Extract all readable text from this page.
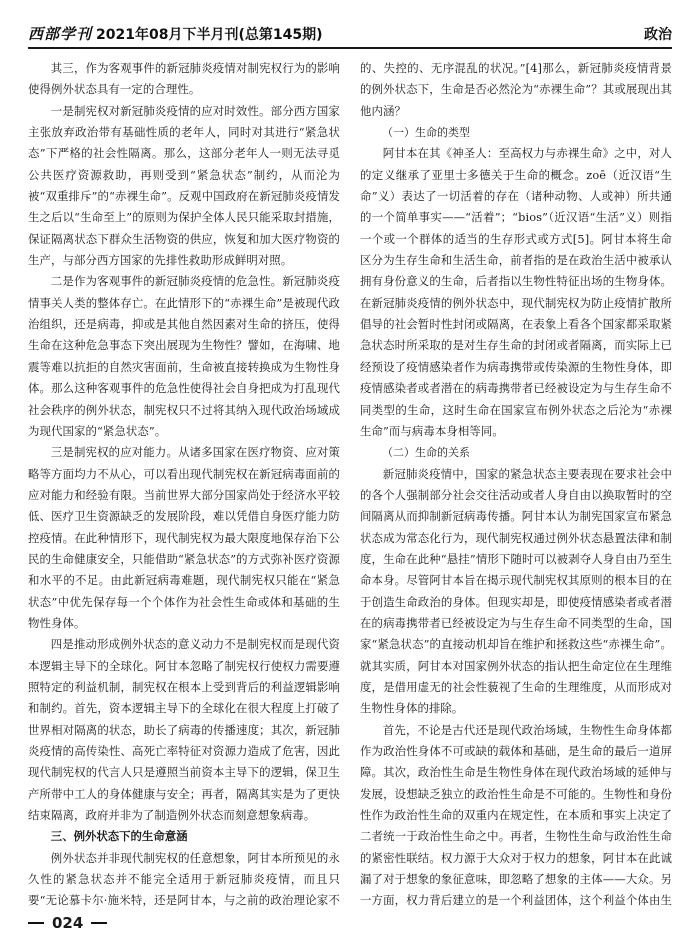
西部学刊 2021年08月下半月刊(总第145期)	政治

其三，作为客观事件的新冠肺炎疫情对制宪权行为的影响使得例外状态具有一定的合理性。

一是制宪权对新冠肺炎疫情的应对时效性。部分西方国家主张放弃政治带有基础性质的老年人，同时对其进行“紧急状态”下严格的社会性隔离。那么，这部分老年人一则无法寻觅公共医疗资源救助，再则受到“紧急状态”制约，从而沦为被“双重排斥”的“赤裸生命”。反观中国政府在新冠肺炎疫情发生之后以“生命至上”的原则为保护全体人民只能采取封措施，保证隔离状态下群众生活物资的供应，恢复和加大医疗物资的生产，与部分西方国家的先排性救助形成鲜明对照。

二是作为客观事件的新冠肺炎疫情的危急性。新冠肺炎疫情事关人类的整体存亡。在此情形下的“赤裸生命”是被现代政治组织，还是病毒，抑或是其他自然因素对生命的挤压，使得生命在这种危急事态下突出展现为生物性？譬如，在海啸、地震等难以抗拒的自然灾害面前，生命被直接转换成为生物性身体。那么这种客观事件的危急性使得社会自身把成为打乱现代社会秩序的例外状态，制宪权只不过将其纳入现代政治场域成为现代国家的“紧急状态”。

三是制宪权的应对能力。从诸多国家在医疗物资、应对策略等方面均力不从心，可以看出现代制宪权在新冠病毒面前的应对能力和经验有限。当前世界大部分国家尚处于经济水平较低、医疗卫生资源缺乏的发展阶段，难以凭借自身医疗能力防控疫情。在此种情形下，现代制宪权为最大限度地保存治下公民的生命健康安全，只能借助“紧急状态”的方式弥补医疗资源和水平的不足。由此新冠病毒难题，现代制宪权只能在“紧急状态”中优先保存每一个个体作为社会性生命或体和基础的生物性身体。

四是推动形成例外状态的意义动力不是制宪权而是现代资本逻辑主导下的全球化。阿甘本忽略了制宪权行使权力需要遵照特定的利益机制，制宪权在根本上受到背后的利益逻辑影响和制约。首先，资本逻辑主导下的全球化在很大程度上打破了世界相对隔离的状态，助长了病毒的传播速度；其次，新冠肺炎疫情的高传染性、高死亡率特征对资源力造成了危害，因此现代制宪权的代言人只是遵照当前资本主导下的逻辑，保卫生产所带中工人的身体健康与安全；再者，隔离其实是为了更快结束隔离，政府并非为了制造例外状态而刻意想象病毒。

三、例外状态下的生命意涵

例外状态并非现代制宪权的任意想象，阿甘本所预见的永久性的紧急状态并不能完全适用于新冠肺炎疫情，而且只要“无论慕卡尔·施米特，还是阿甘本，与之前的政治理论家不

的、失控的、无序混乱的状况。”[4]那么，新冠肺炎疫情背景的例外状态下，生命是否必然沦为“赤裸生命”？其或展现出其他内涵？

（一）生命的类型

阿甘本在其《神圣人：至高权力与赤裸生命》之中，对人的定义继承了亚里士多德关于生命的概念。zoē（近汉语“生命”义）表达了一切活着的存在（诸种动物、人或神）所共通的一个简单事实——“活着”；“bios”（近汉语“生活”义）则指一个或一个群体的适当的生存形式或方式[5]。阿甘本将生命区分为生存生命和生活生命，前者指的是在政治生活中被承认拥有身份意义的生命，后者指以生物性特征出场的生物身体。在新冠肺炎疫情的例外状态中，现代制宪权为防止疫情扩散所倡导的社会暂时性封闭或隔离，在表象上看各个国家都采取紧急状态时所采取的是对生存生命的封闭或者隔离，而实际上已经预设了疫情感染者作为病毒携带或传染源的生物性身体，即疫情感染者或者潜在的病毒携带者已经被设定为与生存生命不同类型的生命，这时生命在国家宣布例外状态之后沦为“赤裸生命”而与病毒本身相等同。

（二）生命的关系

新冠肺炎疫情中，国家的紧急状态主要表现在要求社会中的各个人强制部分社会交往活动或者人身自由以换取暂时的空间隔离从而抑制新冠病毒传播。阿甘本认为制宪国家宣布紧急状态成为常态化行为，现代制宪权通过例外状态悬置法律和制度，生命在此种“悬挂”情形下随时可以被剥夺人身自由乃至生命本身。尽管阿甘本旨在揭示现代制宪权其原则的根本目的在于创造生命政治的身体。但现实却是，即使疫情感染者或者潜在的病毒携带者已经被设定为与生存生命不同类型的生命，国家“紧急状态”的直接动机却旨在维护和拯救这些“赤裸生命”。就其实质，阿甘本对国家例外状态的指认把生命定位在生理维度，是借用虚无的社会性藐视了生命的生理维度，从而形成对生物性身体的排除。

首先，不论是古代还是现代政治场域，生物性生命身体都作为政治性身体不可或缺的载体和基础，是生命的最后一道屏障。其次，政治性生命是生物性身体在现代政治场域的延伸与发展，设想缺乏独立的政治性生命是不可能的。生物性和身份性作为政治性生命的双重内在规定性，在本质和事实上决定了二者统一于政治性生命之中。再者，生物性生命与政治性生命的紧密性联结。权力源于大众对于权力的想象，阿甘本在此诚漏了对于想象的象征意味，即忽略了想象的主体——大众。另一方面，权力背后建立的是一个利益团体，这个利益个体由生

024
